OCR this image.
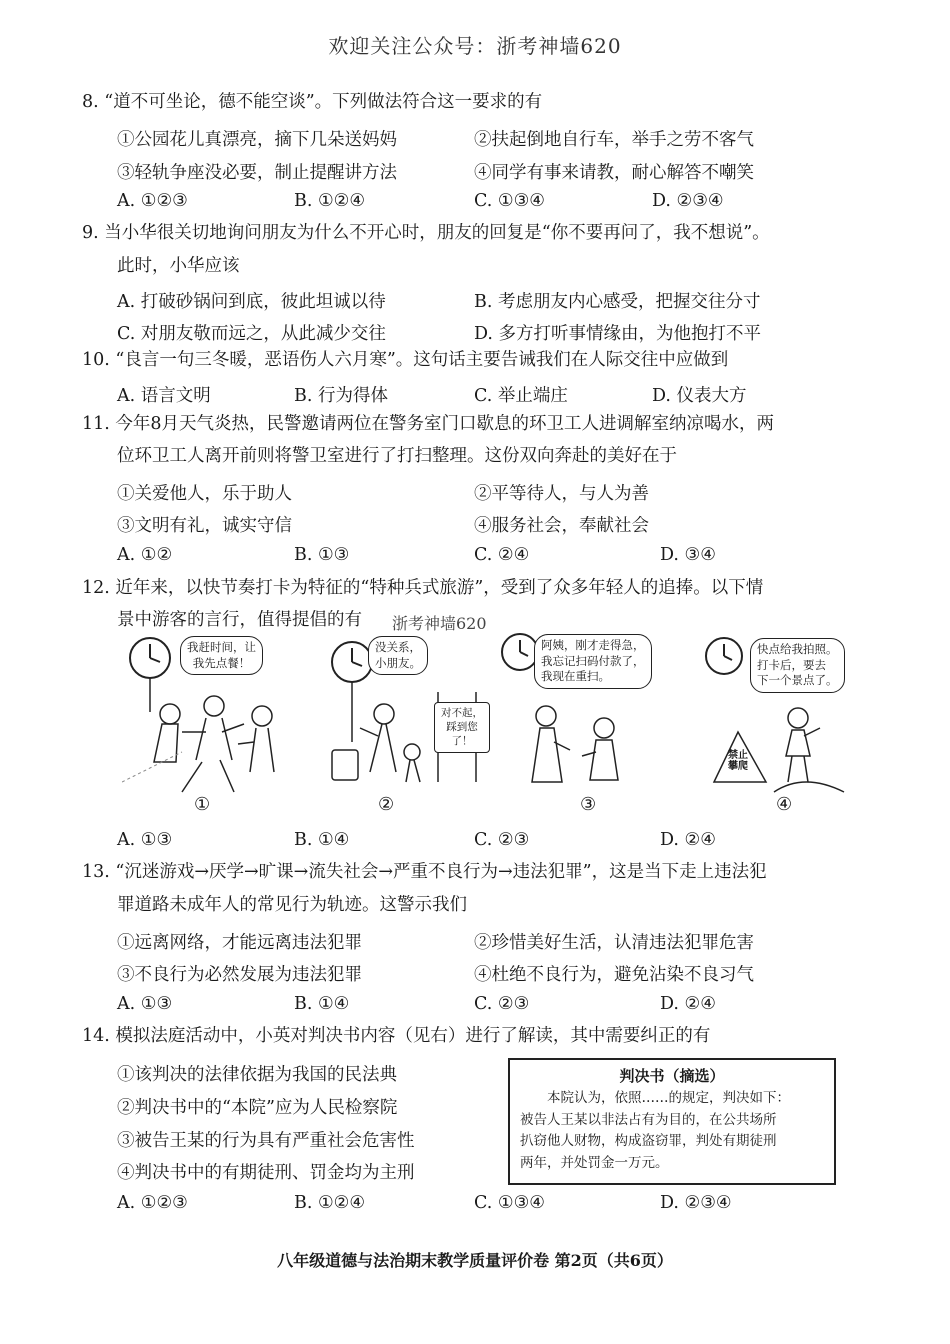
欢迎关注公众号：浙考神墙620
8. “道不可坐论，德不能空谈”。下列做法符合这一要求的有
①公园花儿真漂亮，摘下几朵送妈妈	②扶起倒地自行车，举手之劳不客气
③轻轨争座没必要，制止提醒讲方法	④同学有事来请教，耐心解答不嘲笑
A. ①②③	B. ①②④	C. ①③④	D. ②③④
9. 当小华很关切地询问朋友为什么不开心时，朋友的回复是“你不要再问了，我不想说”。
此时，小华应该
A. 打破砂锅问到底，彼此坦诚以待	B. 考虑朋友内心感受，把握交往分寸
C. 对朋友敬而远之，从此减少交往	D. 多方打听事情缘由，为他抱打不平
10. “良言一句三冬暖，恶语伤人六月寒”。这句话主要告诫我们在人际交往中应做到
A. 语言文明	B. 行为得体	C. 举止端庄	D. 仪表大方
11. 今年8月天气炎热，民警邀请两位在警务室门口歇息的环卫工人进调解室纳凉喝水，两
位环卫工人离开前则将警卫室进行了打扫整理。这份双向奔赴的美好在于
①关爱他人，乐于助人	②平等待人，与人为善
③文明有礼，诚实守信	④服务社会，奉献社会
A. ①②	B. ①③	C. ②④	D. ③④
12. 近年来，以快节奏打卡为特征的“特种兵式旅游”，受到了众多年轻人的追捧。以下情
景中游客的言行，值得提倡的有 浙考神墙620
我赶时间，让
我先点餐！
①
没关系，
小朋友。
对不起，
踩到您
了！
②
阿姨，刚才走得急，
我忘记扫码付款了，
我现在重扫。
③
快点给我拍照。
打卡后，要去
下一个景点了。
禁止
攀爬
④
A. ①③	B. ①④	C. ②③	D. ②④
13. “沉迷游戏→厌学→旷课→流失社会→严重不良行为→违法犯罪”，这是当下走上违法犯
罪道路未成年人的常见行为轨迹。这警示我们
①远离网络，才能远离违法犯罪	②珍惜美好生活，认清违法犯罪危害
③不良行为必然发展为违法犯罪	④杜绝不良行为，避免沾染不良习气
A. ①③	B. ①④	C. ②③	D. ②④
14. 模拟法庭活动中，小英对判决书内容（见右）进行了解读，其中需要纠正的有
①该判决的法律依据为我国的民法典
②判决书中的“本院”应为人民检察院
③被告王某的行为具有严重社会危害性
④判决书中的有期徒刑、罚金均为主刑
A. ①②③	B. ①②④	C. ①③④	D. ②③④
判决书（摘选）
本院认为，依照……的规定，判决如下：
被告人王某以非法占有为目的，在公共场所
扒窃他人财物，构成盗窃罪，判处有期徒刑
两年，并处罚金一万元。
八年级道德与法治期末教学质量评价卷 第2页（共6页）
